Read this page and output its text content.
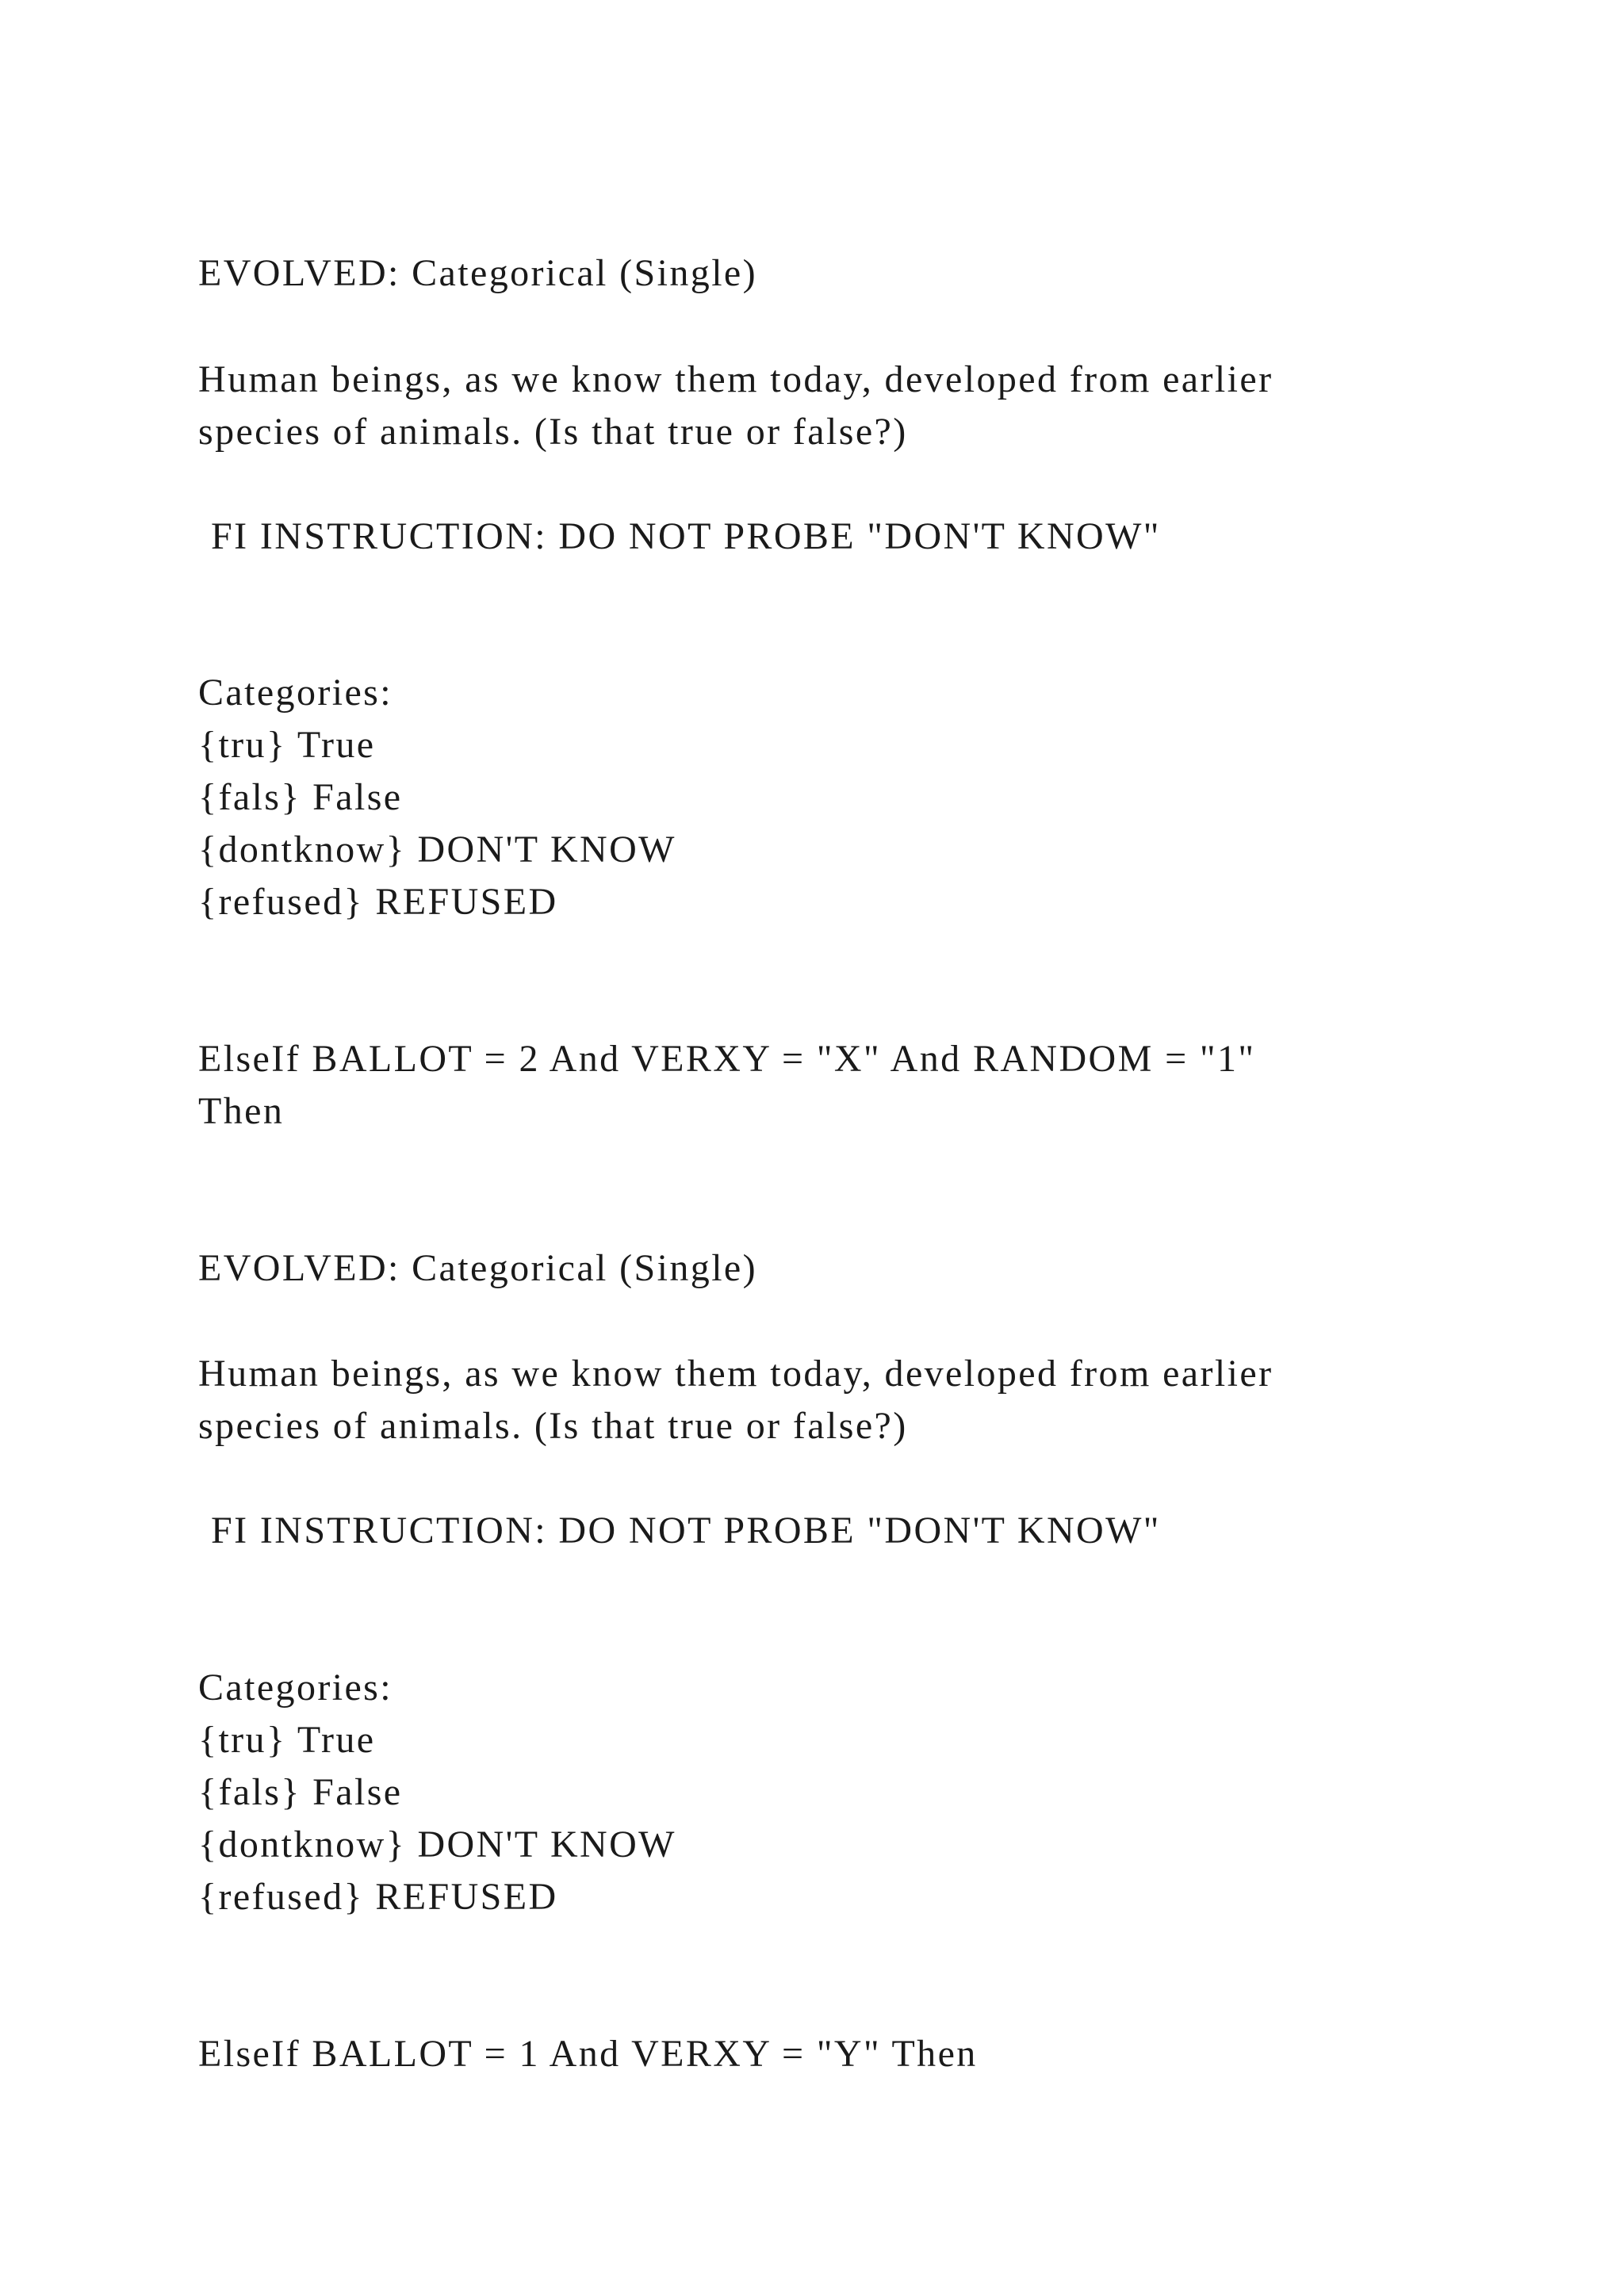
EVOLVED: Categorical (Single)
Human beings, as we know them today, developed from earlier
species of animals. (Is that true or false?)
FI INSTRUCTION: DO NOT PROBE "DON'T KNOW"
Categories:
{tru} True
{fals} False
{dontknow} DON'T KNOW
{refused} REFUSED
ElseIf BALLOT = 2 And VERXY = "X" And RANDOM = "1"
Then
EVOLVED: Categorical (Single)
Human beings, as we know them today, developed from earlier
species of animals. (Is that true or false?)
FI INSTRUCTION: DO NOT PROBE "DON'T KNOW"
Categories:
{tru} True
{fals} False
{dontknow} DON'T KNOW
{refused} REFUSED
ElseIf BALLOT = 1 And VERXY = "Y" Then
